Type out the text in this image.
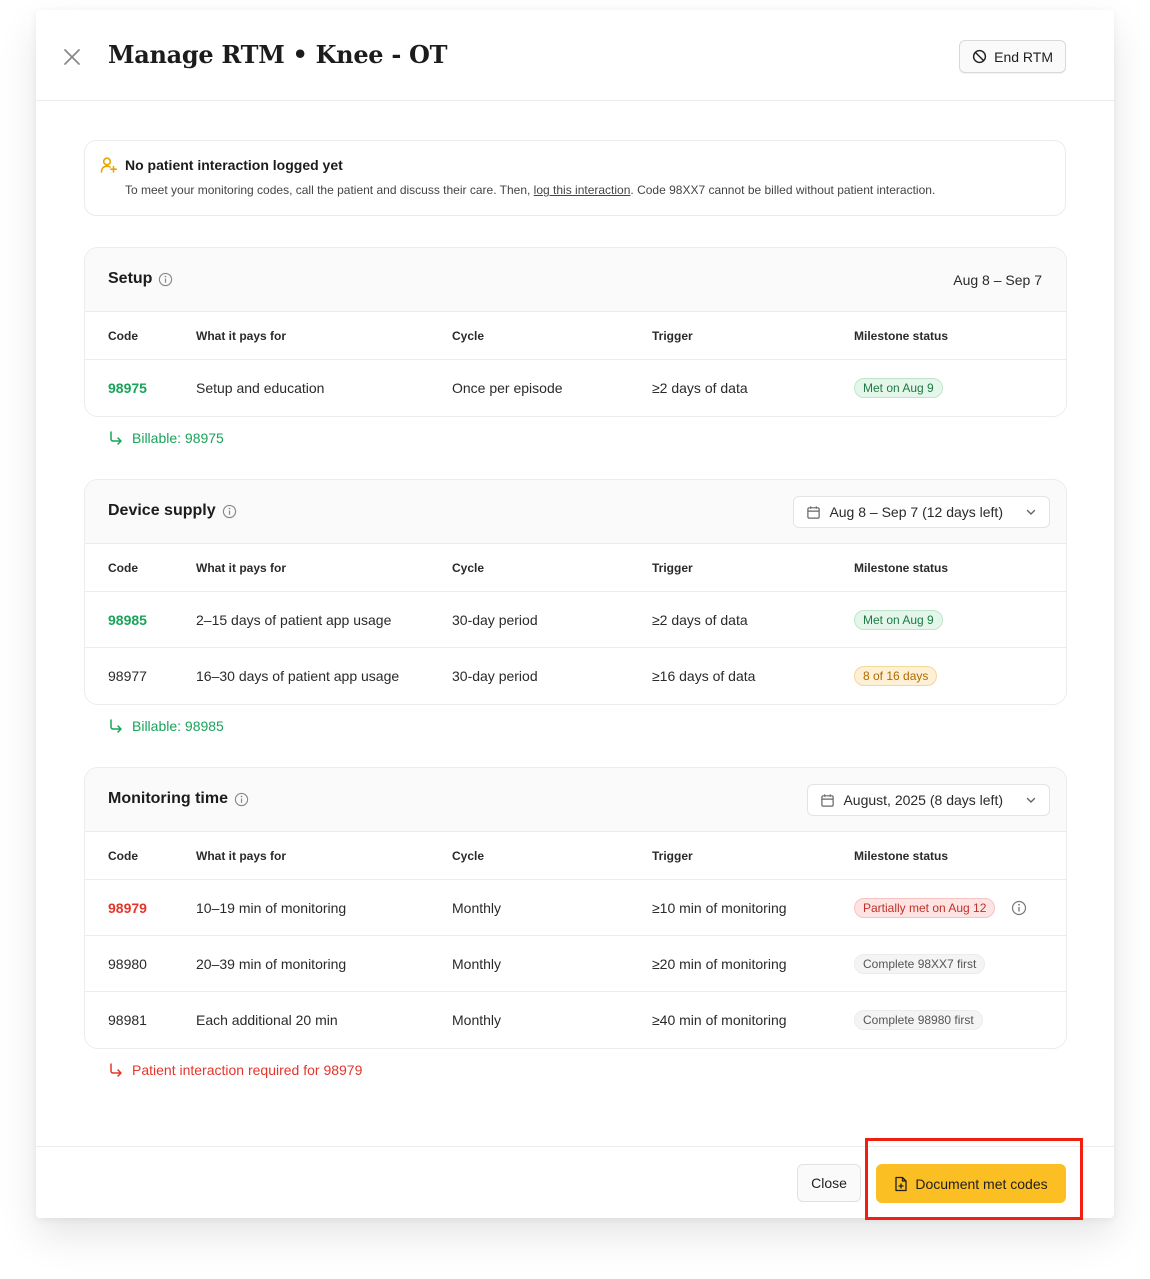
Manage RTM • Knee - OT	End RTM
No patient interaction logged yet
To meet your monitoring codes, call the patient and discuss their care. Then, log this interaction. Code 98XX7 cannot be billed without patient interaction.
Setup	Aug 8 – Sep 7
Code	What it pays for	Cycle	Trigger	Milestone status
98975	Setup and education	Once per episode	≥2 days of data	Met on Aug 9
Billable: 98975
Device supply	Aug 8 – Sep 7 (12 days left)
Code	What it pays for	Cycle	Trigger	Milestone status
98985	2–15 days of patient app usage	30-day period	≥2 days of data	Met on Aug 9
98977	16–30 days of patient app usage	30-day period	≥16 days of data	8 of 16 days
Billable: 98985
Monitoring time	August, 2025 (8 days left)
Code	What it pays for	Cycle	Trigger	Milestone status
98979	10–19 min of monitoring	Monthly	≥10 min of monitoring	Partially met on Aug 12
98980	20–39 min of monitoring	Monthly	≥20 min of monitoring	Complete 98XX7 first
98981	Each additional 20 min	Monthly	≥40 min of monitoring	Complete 98980 first
Patient interaction required for 98979
Close	Document met codes
